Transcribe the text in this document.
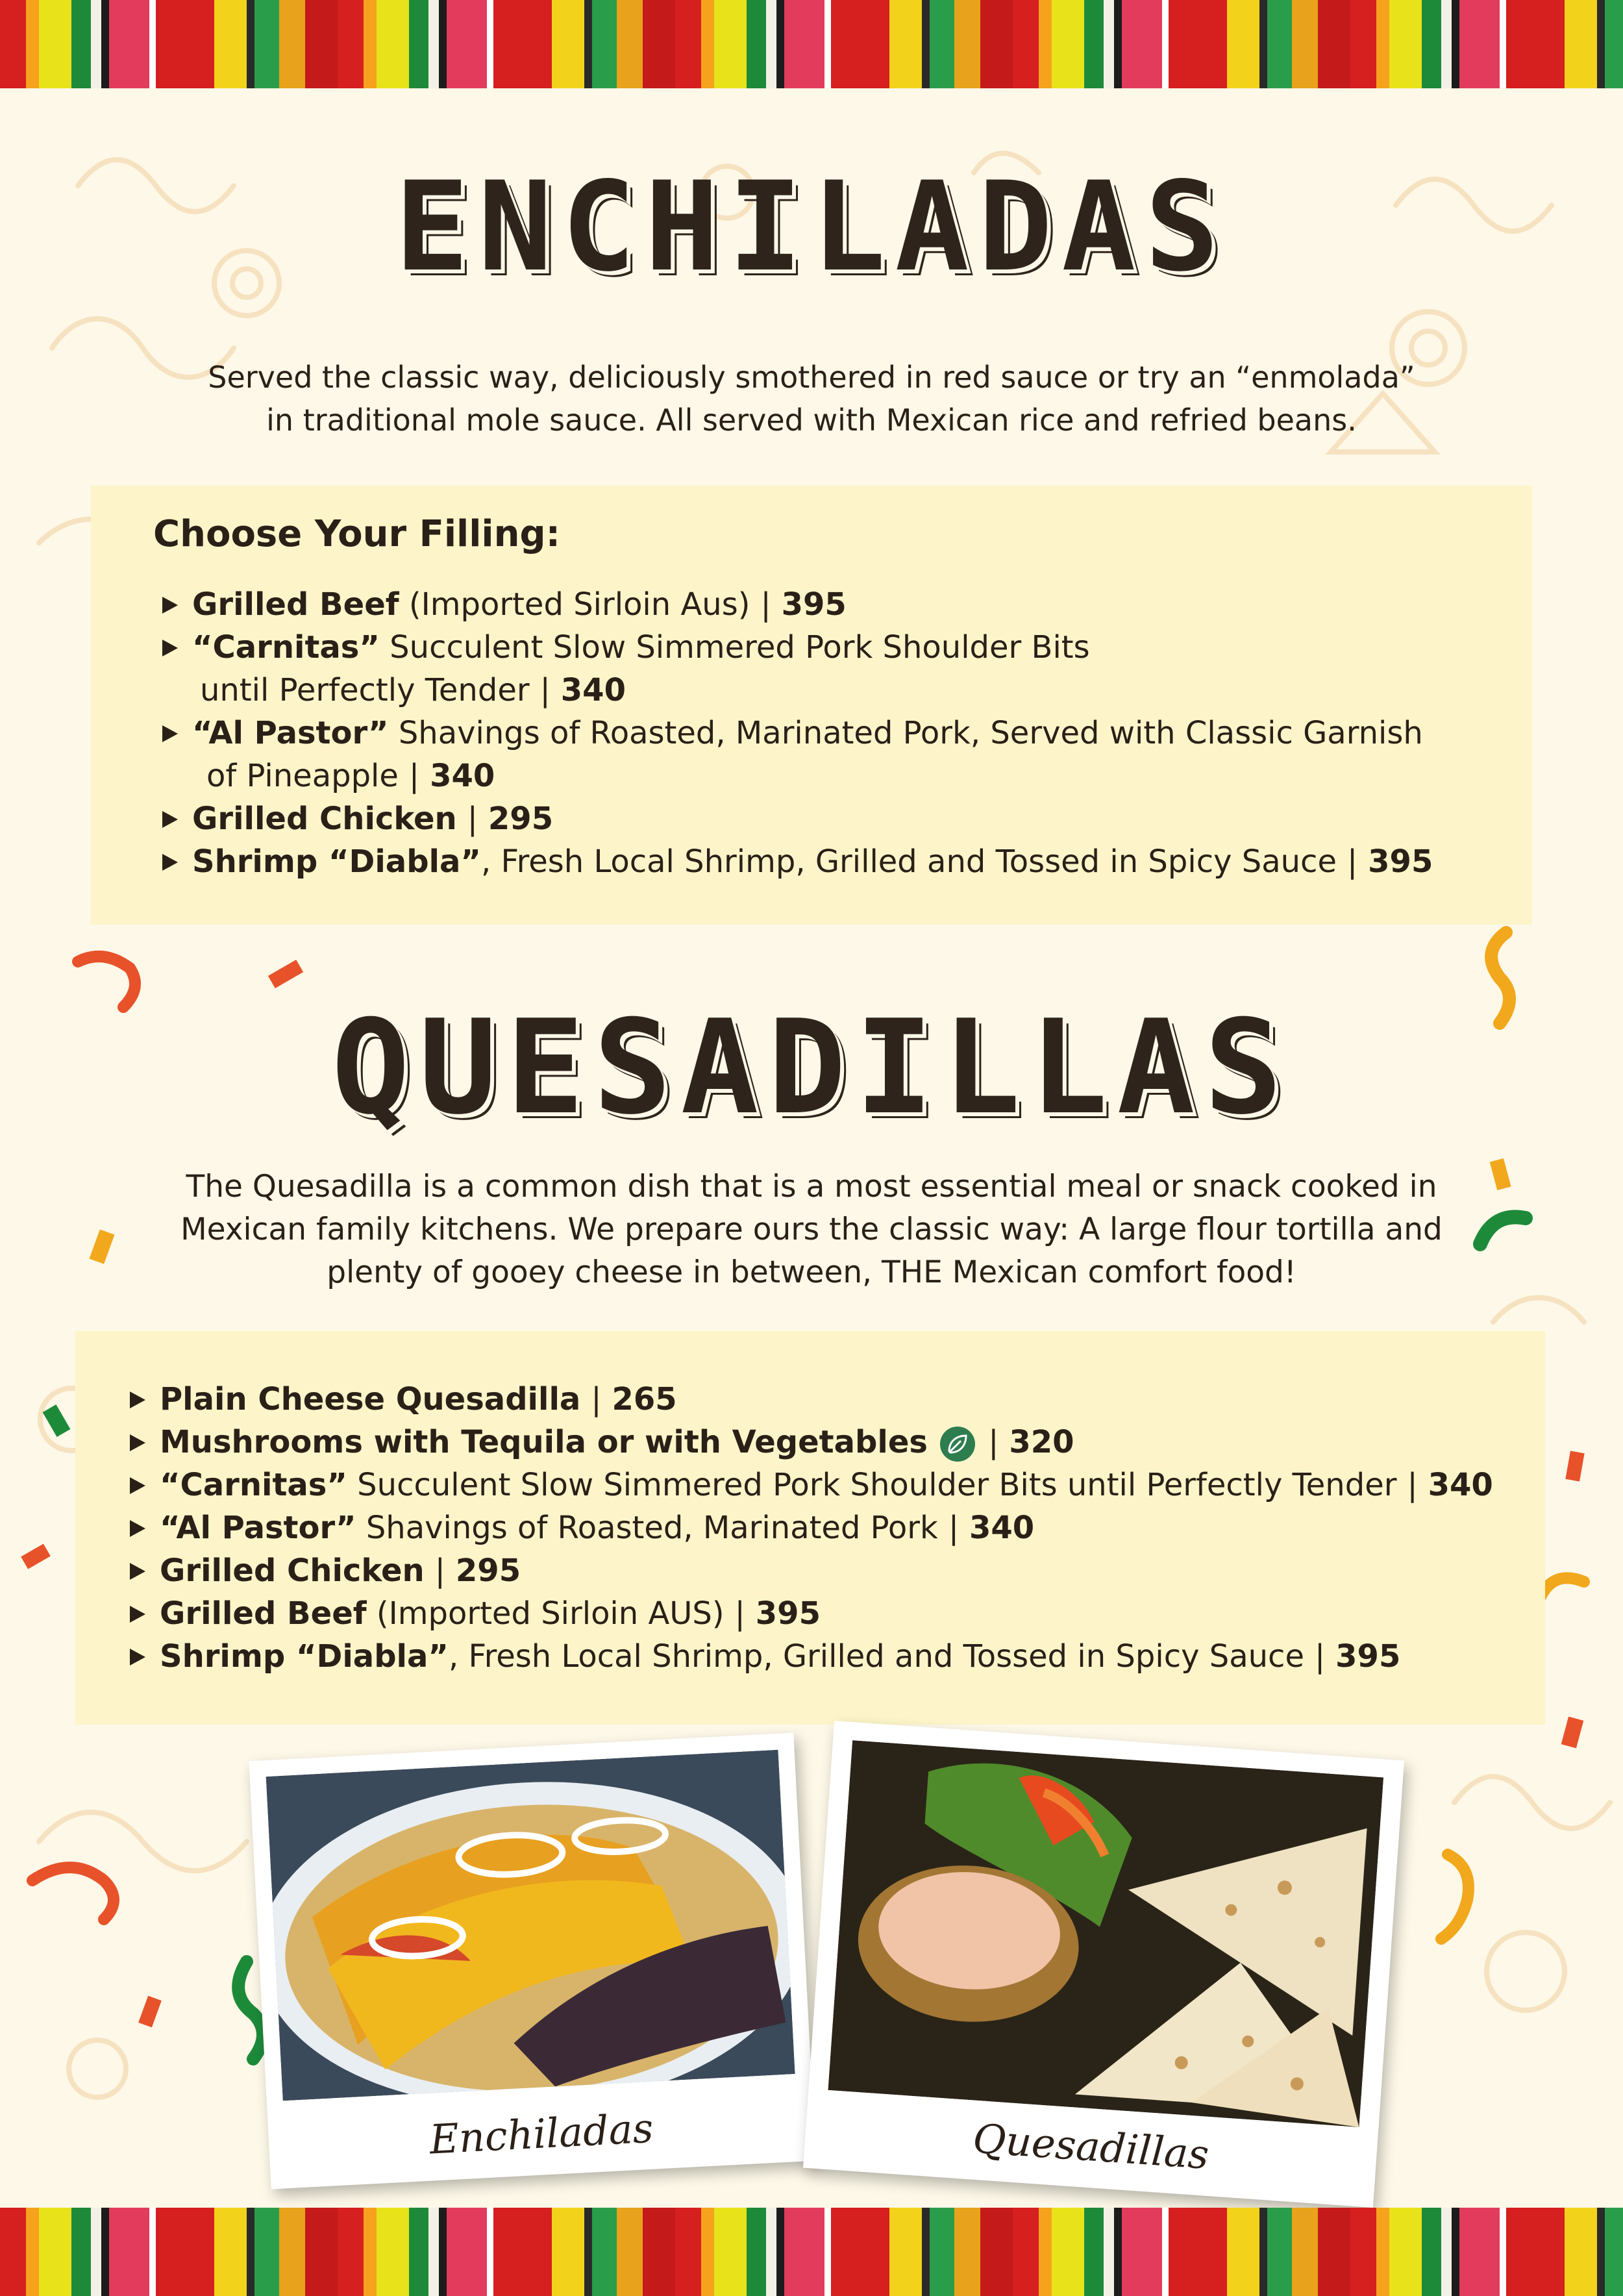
ENCHILADAS
Served the classic way, deliciously smothered in red sauce or try an “enmolada”
in traditional mole sauce. All served with Mexican rice and refried beans.
Choose Your Filling:
Grilled Beef (Imported Sirloin Aus) | 395
“Carnitas” Succulent Slow Simmered Pork Shoulder Bits
until Perfectly Tender | 340
“Al Pastor” Shavings of Roasted, Marinated Pork, Served with Classic Garnish
of Pineapple | 340
Grilled Chicken | 295
Shrimp “Diabla”, Fresh Local Shrimp, Grilled and Tossed in Spicy Sauce | 395
QUESADILLAS
The Quesadilla is a common dish that is a most essential meal or snack cooked in
Mexican family kitchens. We prepare ours the classic way: A large flour tortilla and
plenty of gooey cheese in between, THE Mexican comfort food!
Plain Cheese Quesadilla | 265
Mushrooms with Tequila or with Vegetables | 320
“Carnitas” Succulent Slow Simmered Pork Shoulder Bits until Perfectly Tender | 340
“Al Pastor” Shavings of Roasted, Marinated Pork | 340
Grilled Chicken | 295
Grilled Beef (Imported Sirloin AUS) | 395
Shrimp “Diabla”, Fresh Local Shrimp, Grilled and Tossed in Spicy Sauce | 395
Enchiladas	Quesadillas
